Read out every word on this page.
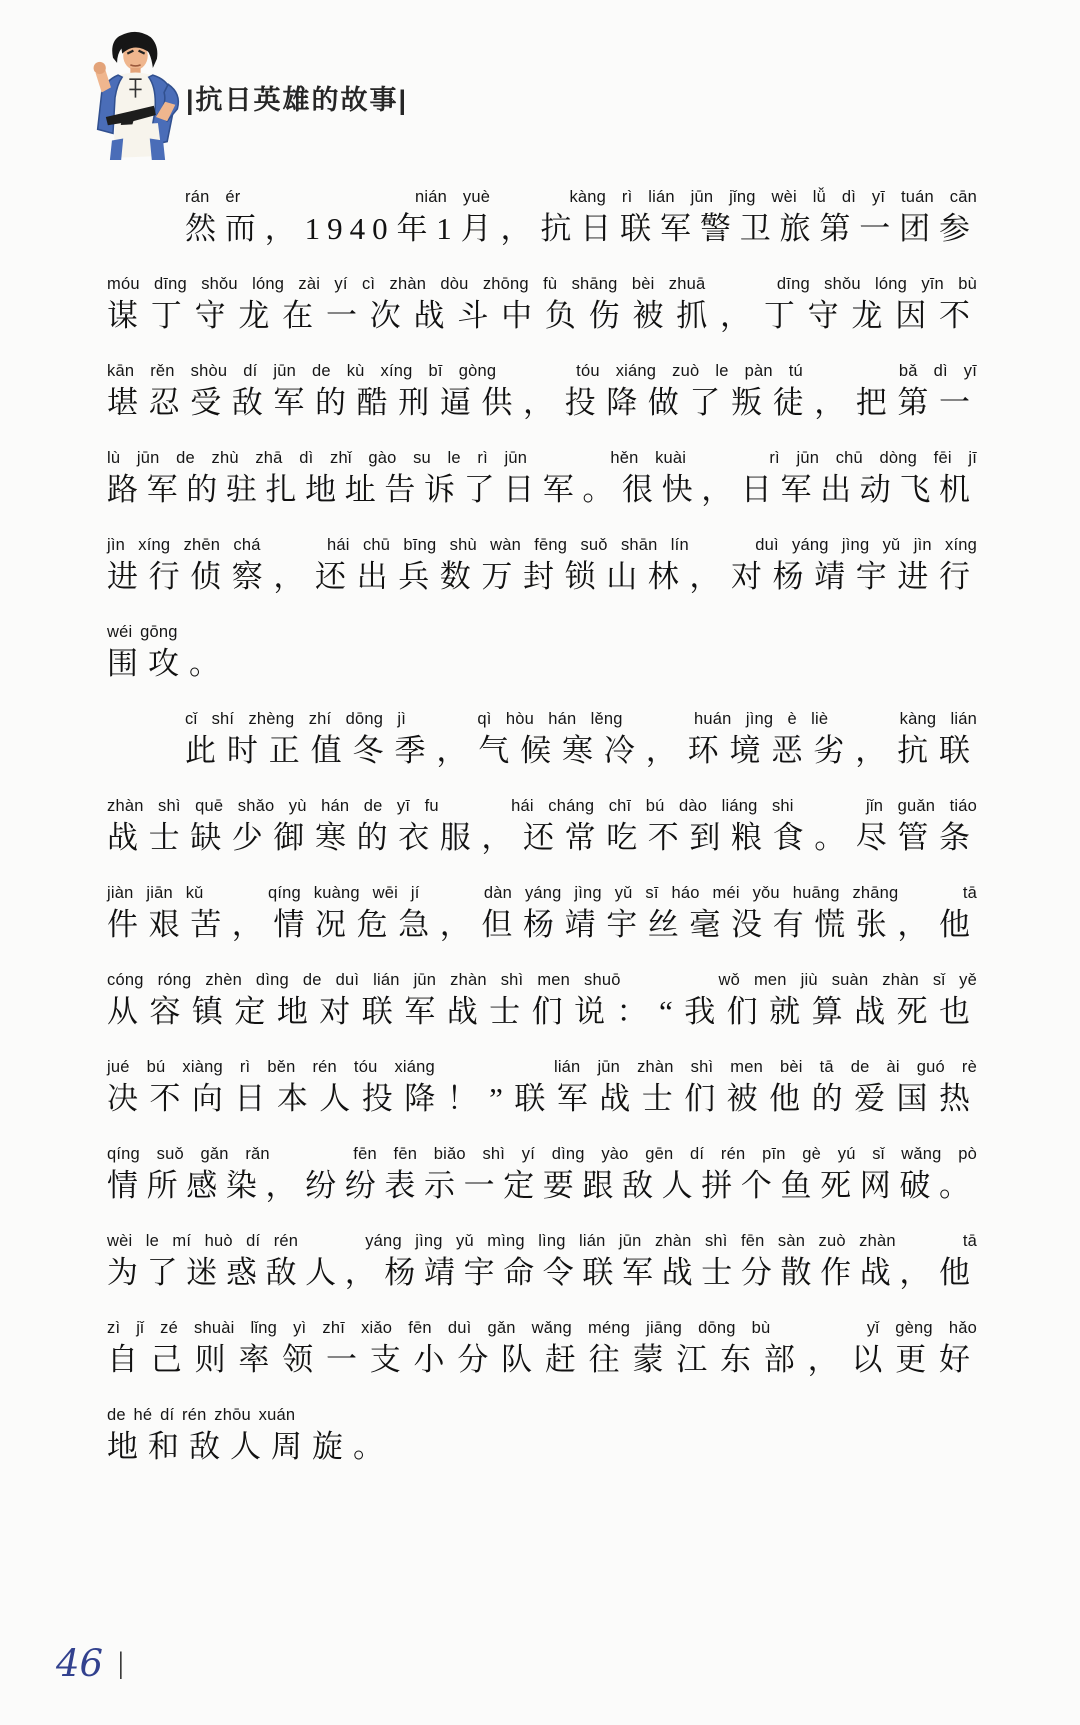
|抗日英雄的故事|
rán ér           nián yuè     kàng rì lián jūn jǐng wèi lǚ dì yī tuán cān
然而，1940年1月，抗日联军警卫旅第一团参
móu dīng shǒu lóng zài yí cì zhàn dòu zhōng fù shāng bèi zhuā     dīng shǒu lóng yīn bù
谋丁守龙在一次战斗中负伤被抓，丁守龙因不
kān rěn shòu dí jūn de kù xíng bī gòng     tóu xiáng zuò le pàn tú      bǎ dì yī
堪忍受敌军的酷刑逼供，投降做了叛徒，把第一
lù jūn de zhù zhā dì zhǐ gào su le rì jūn     hěn kuài     rì jūn chū dòng fēi jī
路军的驻扎地址告诉了日军。很快，日军出动飞机
jìn xíng zhēn chá     hái chū bīng shù wàn fēng suǒ shān lín     duì yáng jìng yǔ jìn xíng
进行侦察，还出兵数万封锁山林，对杨靖宇进行
wéi gōng
围攻。
cǐ shí zhèng zhí dōng jì     qì hòu hán lěng     huán jìng è liè     kàng lián
此时正值冬季，气候寒冷，环境恶劣，抗联
zhàn shì quē shǎo yù hán de yī fu     hái cháng chī bú dào liáng shi     jǐn guǎn tiáo
战士缺少御寒的衣服，还常吃不到粮食。尽管条
jiàn jiān kǔ     qíng kuàng wēi jí     dàn yáng jìng yǔ sī háo méi yǒu huāng zhāng     tā
件艰苦，情况危急，但杨靖宇丝毫没有慌张，他
cóng róng zhèn dìng de duì lián jūn zhàn shì men shuō       wǒ men jiù suàn zhàn sǐ yě
从容镇定地对联军战士们说：“我们就算战死也
jué bú xiàng rì běn rén tóu xiáng       lián jūn zhàn shì men bèi tā de ài guó rè
决不向日本人投降！”联军战士们被他的爱国热
qíng suǒ gǎn rǎn     fēn fēn biǎo shì yí dìng yào gēn dí rén pīn gè yú sǐ wǎng pò
情所感染，纷纷表示一定要跟敌人拼个鱼死网破。
wèi le mí huò dí rén     yáng jìng yǔ mìng lìng lián jūn zhàn shì fēn sàn zuò zhàn     tā
为了迷惑敌人，杨靖宇命令联军战士分散作战，他
zì jǐ zé shuài lǐng yì zhī xiǎo fēn duì gǎn wǎng méng jiāng dōng bù      yǐ gèng hǎo
自己则率领一支小分队赶往蒙江东部，以更好
de hé dí rén zhōu xuán
地和敌人周旋。
46 |
